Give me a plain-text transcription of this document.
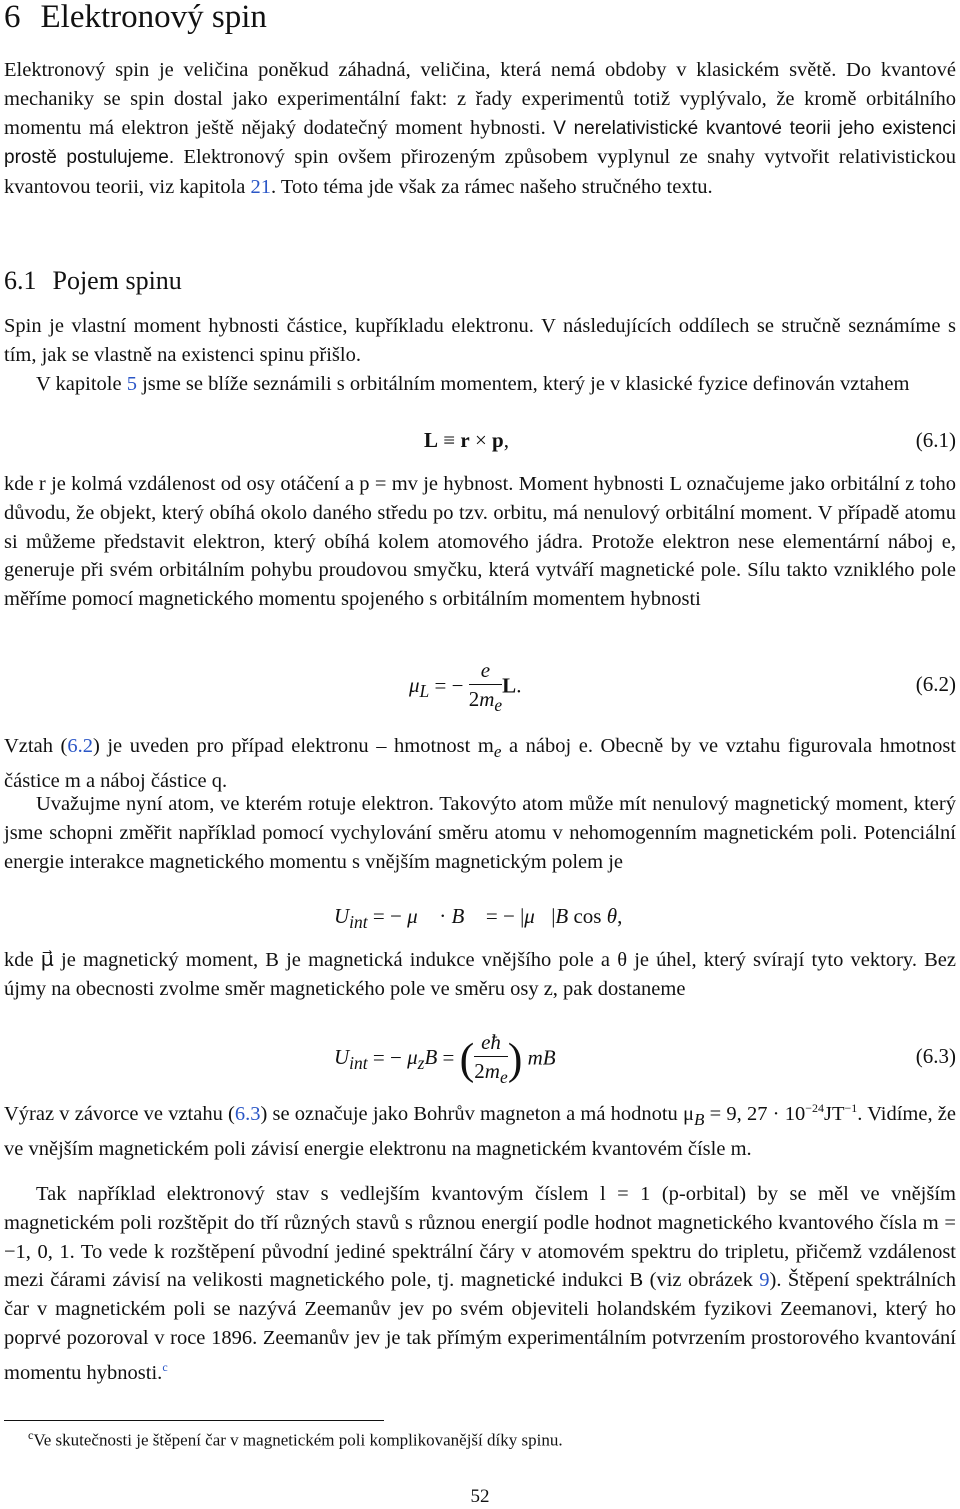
6 Elektronový spin

Elektronový spin je veličina poněkud záhadná, veličina, která nemá obdoby v klasickém světě. Do kvantové mechaniky se spin dostal jako experimentální fakt: z řady experimentů totiž vyplývalo, že kromě orbitálního momentu má elektron ještě nějaký dodatečný moment hybnosti. V nerelativistické kvantové teorii jeho existenci prostě postulujeme. Elektronový spin ovšem přirozeným způsobem vyplynul ze snahy vytvořit relativistickou kvantovou teorii, viz kapitola 21. Toto téma jde však za rámec našeho stručného textu.

6.1 Pojem spinu

Spin je vlastní moment hybnosti částice, kupříkladu elektronu. V následujících oddílech se stručně seznámíme s tím, jak se vlastně na existenci spinu přišlo.

V kapitole 5 jsme se blíže seznámili s orbitálním momentem, který je v klasické fyzice definován vztahem

L ≡ r × p,	(6.1)

kde r je kolmá vzdálenost od osy otáčení a p = mv je hybnost. Moment hybnosti L označujeme jako orbitální z toho důvodu, že objekt, který obíhá okolo daného středu po tzv. orbitu, má nenulový orbitální moment. V případě atomu si můžeme představit elektron, který obíhá kolem atomového jádra. Protože elektron nese elementární náboj e, generuje při svém orbitálním pohybu proudovou smyčku, která vytváří magnetické pole. Sílu takto vzniklého pole měříme pomocí magnetického momentu spojeného s orbitálním momentem hybnosti

$\mu_L$ = − $\frac{e}{2m_e} L$.	(6.2)

Vztah (6.2) je uveden pro případ elektronu – hmotnost $m_e$ a náboj e. Obecně by ve vztahu figurovala hmotnost částice m a náboj částice q.

Uvažujme nyní atom, ve kterém rotuje elektron. Takovýto atom může mít nenulový magnetický moment, který jsme schopni změřit například pomocí vychylování směru atomu v nehomogenním magnetickém poli. Potenciální energie interakce magnetického momentu s vnějším magnetickým polem je

$U_{int}$ = − μ⃗ · B⃗ = − |μ⃗|B cos θ,

kde μ⃗ je magnetický moment, B je magnetická indukce vnějšího pole a θ je úhel, který svírají tyto vektory. Bez újmy na obecnosti zvolme směr magnetického pole ve směru osy z, pak dostaneme

$U_{int}$ = − $\mu_zB$ = ( $\frac{eħ}{2m_e}$ ) mB	(6.3)

Výraz v závorce ve vztahu (6.3) se označuje jako Bohrův magneton a má hodnotu $\mu_B = 9$, $27 \cdot 10^{-24}JT^{-1}$. Vidíme, že ve vnějším magnetickém poli závisí energie elektronu na magnetickém kvantovém čísle m.

Tak například elektronový stav s vedlejším kvantovým číslem l = 1 (p-orbital) by se měl ve vnějším magnetickém poli rozštěpit do tří různých stavů s různou energií podle hodnot magnetického kvantového čísla m = −1, 0, 1. To vede k rozštěpení původní jediné spektrální čáry v atomovém spektru do tripletu, přičemž vzdálenost mezi čárami závisí na velikosti magnetického pole, tj. magnetické indukci B (viz obrázek 9). Štěpení spektrálních čar v magnetickém poli se nazývá Zeemanův jev po svém objeviteli holandském fyzikovi Zeemanovi, který ho poprvé pozoroval v roce 1896. Zeemanův jev je tak přímým experimentálním potvrzením prostorového kvantování momentu hybnosti.$^c$

$^c$Ve skutečnosti je štěpení čar v magnetickém poli komplikovanější díky spinu.
52
